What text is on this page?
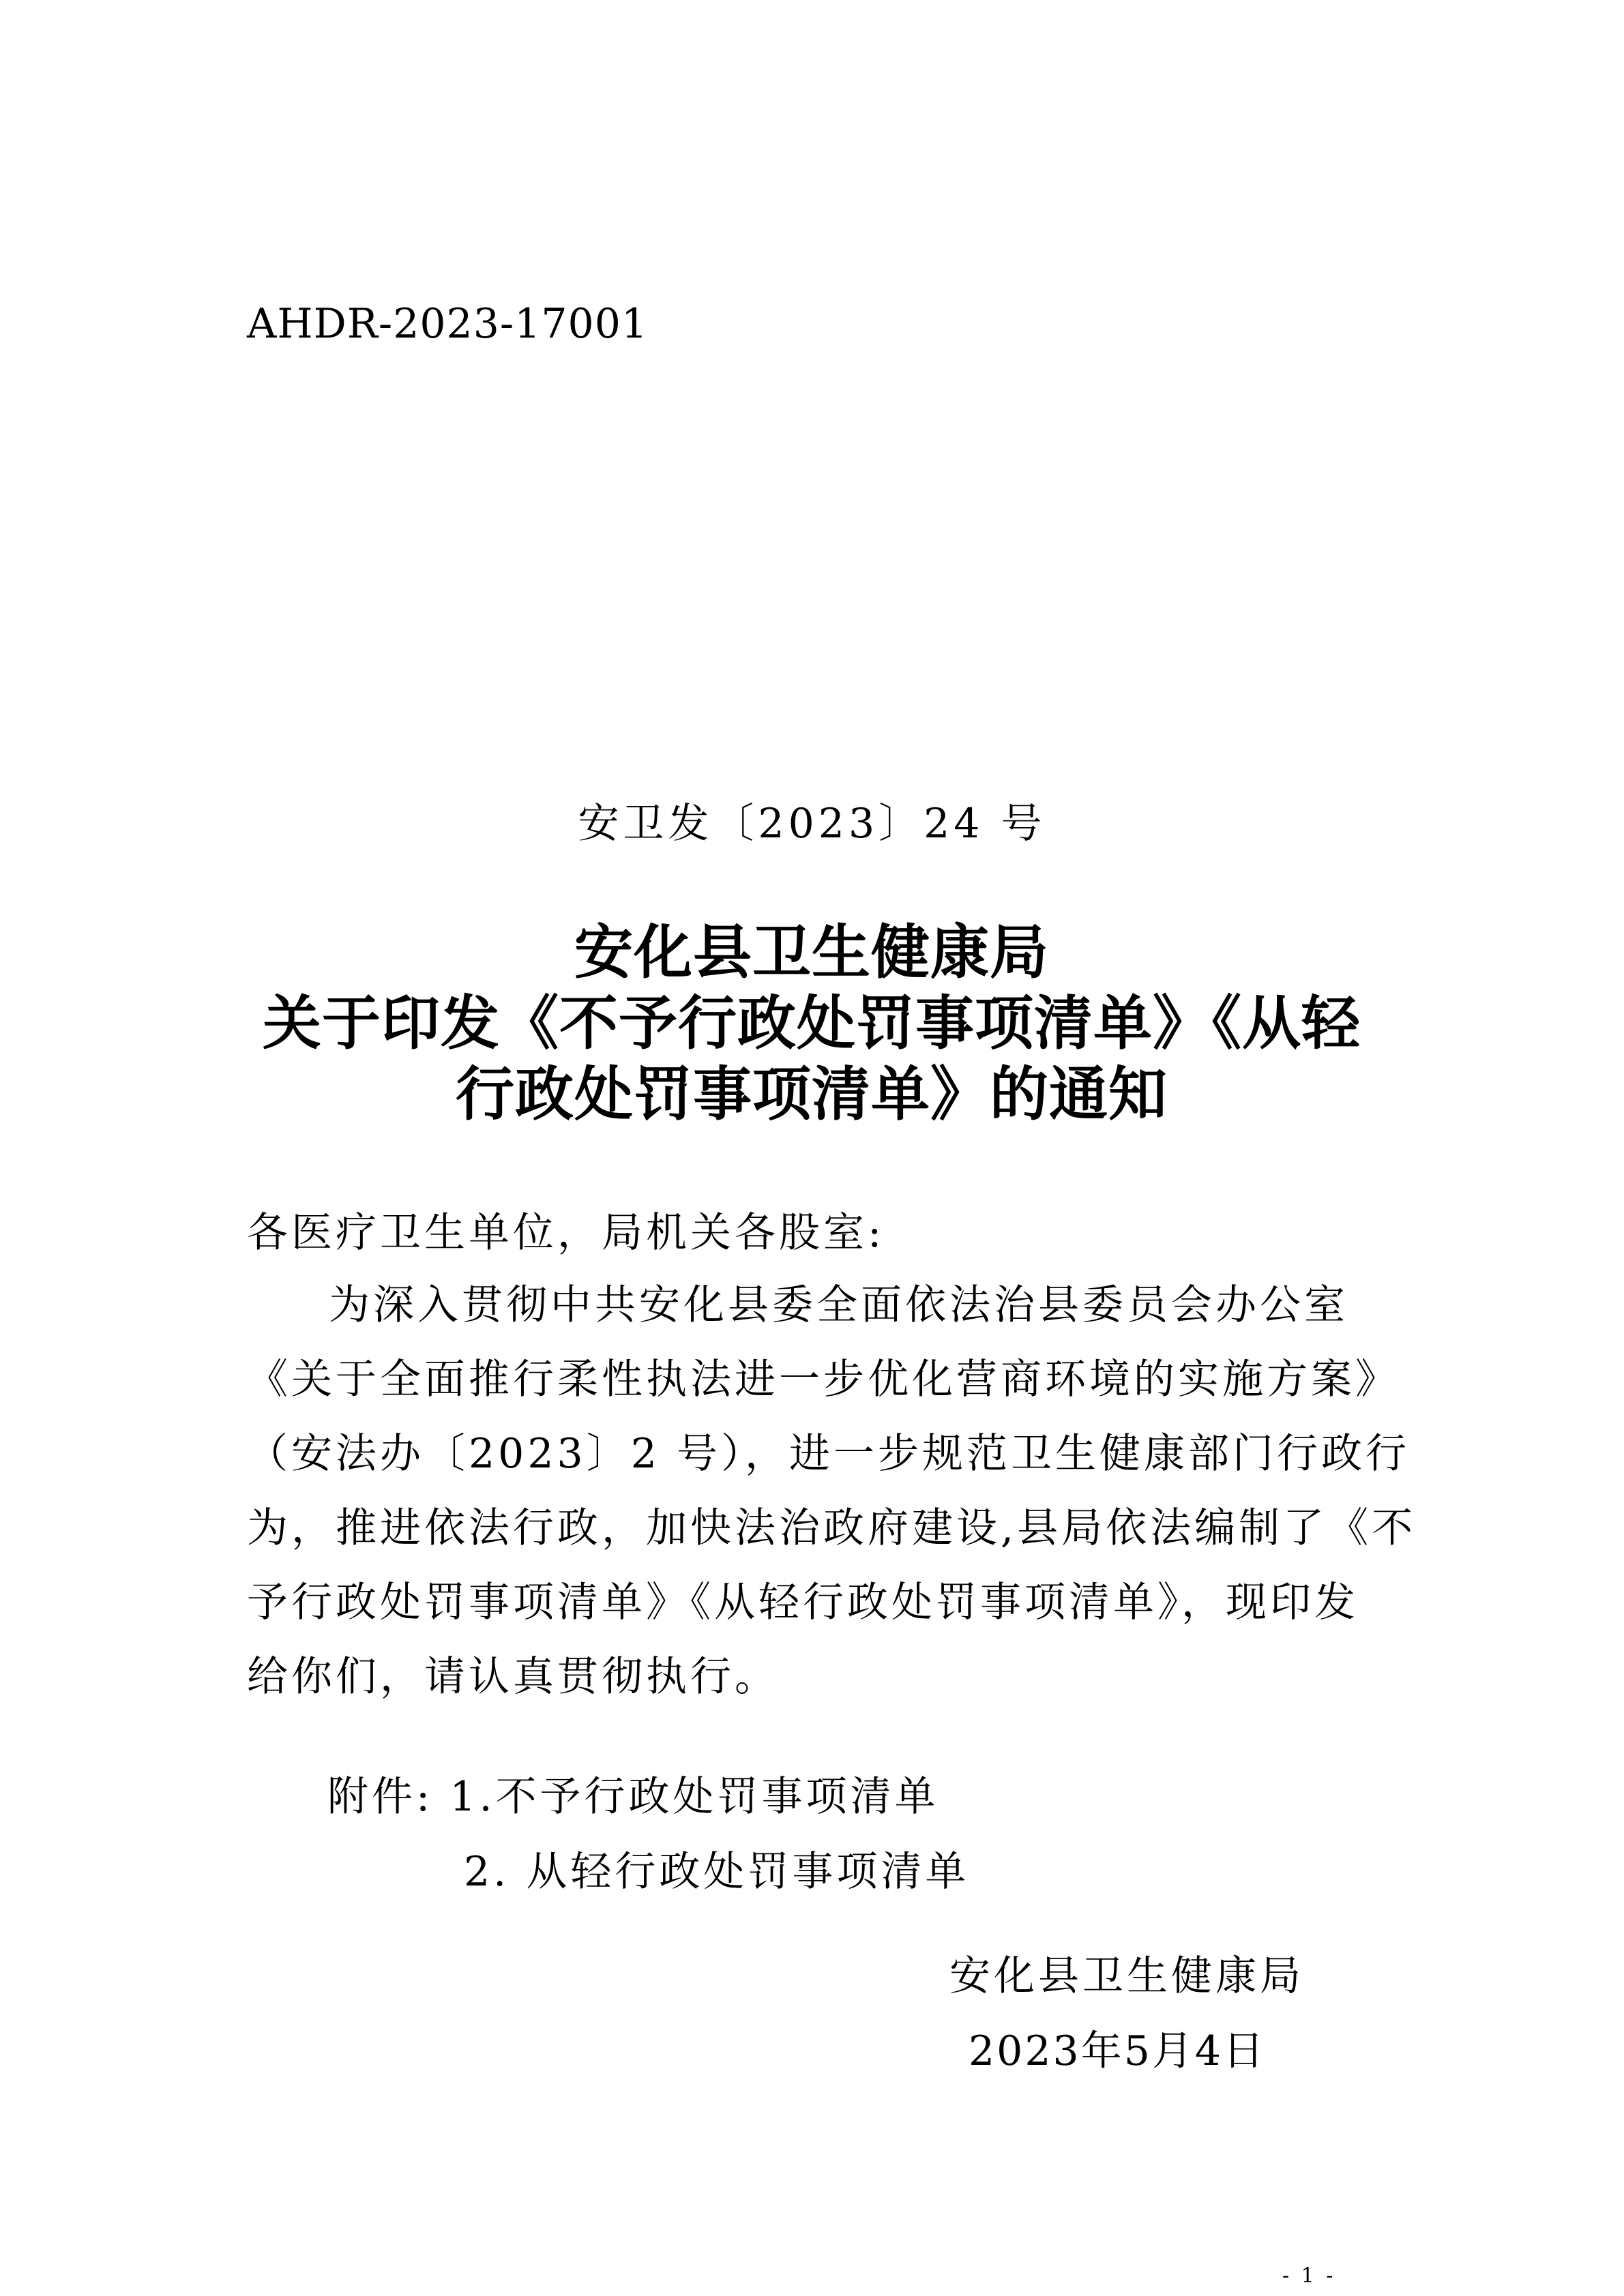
AHDR-2023-17001
安卫发〔2023〕24 号
安化县卫生健康局
关于印发《不予行政处罚事项清单》《从轻
行政处罚事项清单》的通知
各医疗卫生单位，局机关各股室:
为深入贯彻中共安化县委全面依法治县委员会办公室
《关于全面推行柔性执法进一步优化营商环境的实施方案》
（安法办〔2023〕2 号），进一步规范卫生健康部门行政行
为，推进依法行政，加快法治政府建设,县局依法编制了《不
予行政处罚事项清单》《从轻行政处罚事项清单》，现印发
给你们，请认真贯彻执行。
附件: 1.不予行政处罚事项清单
2. 从轻行政处罚事项清单
安化县卫生健康局
2023年5月4日
- 1 -
